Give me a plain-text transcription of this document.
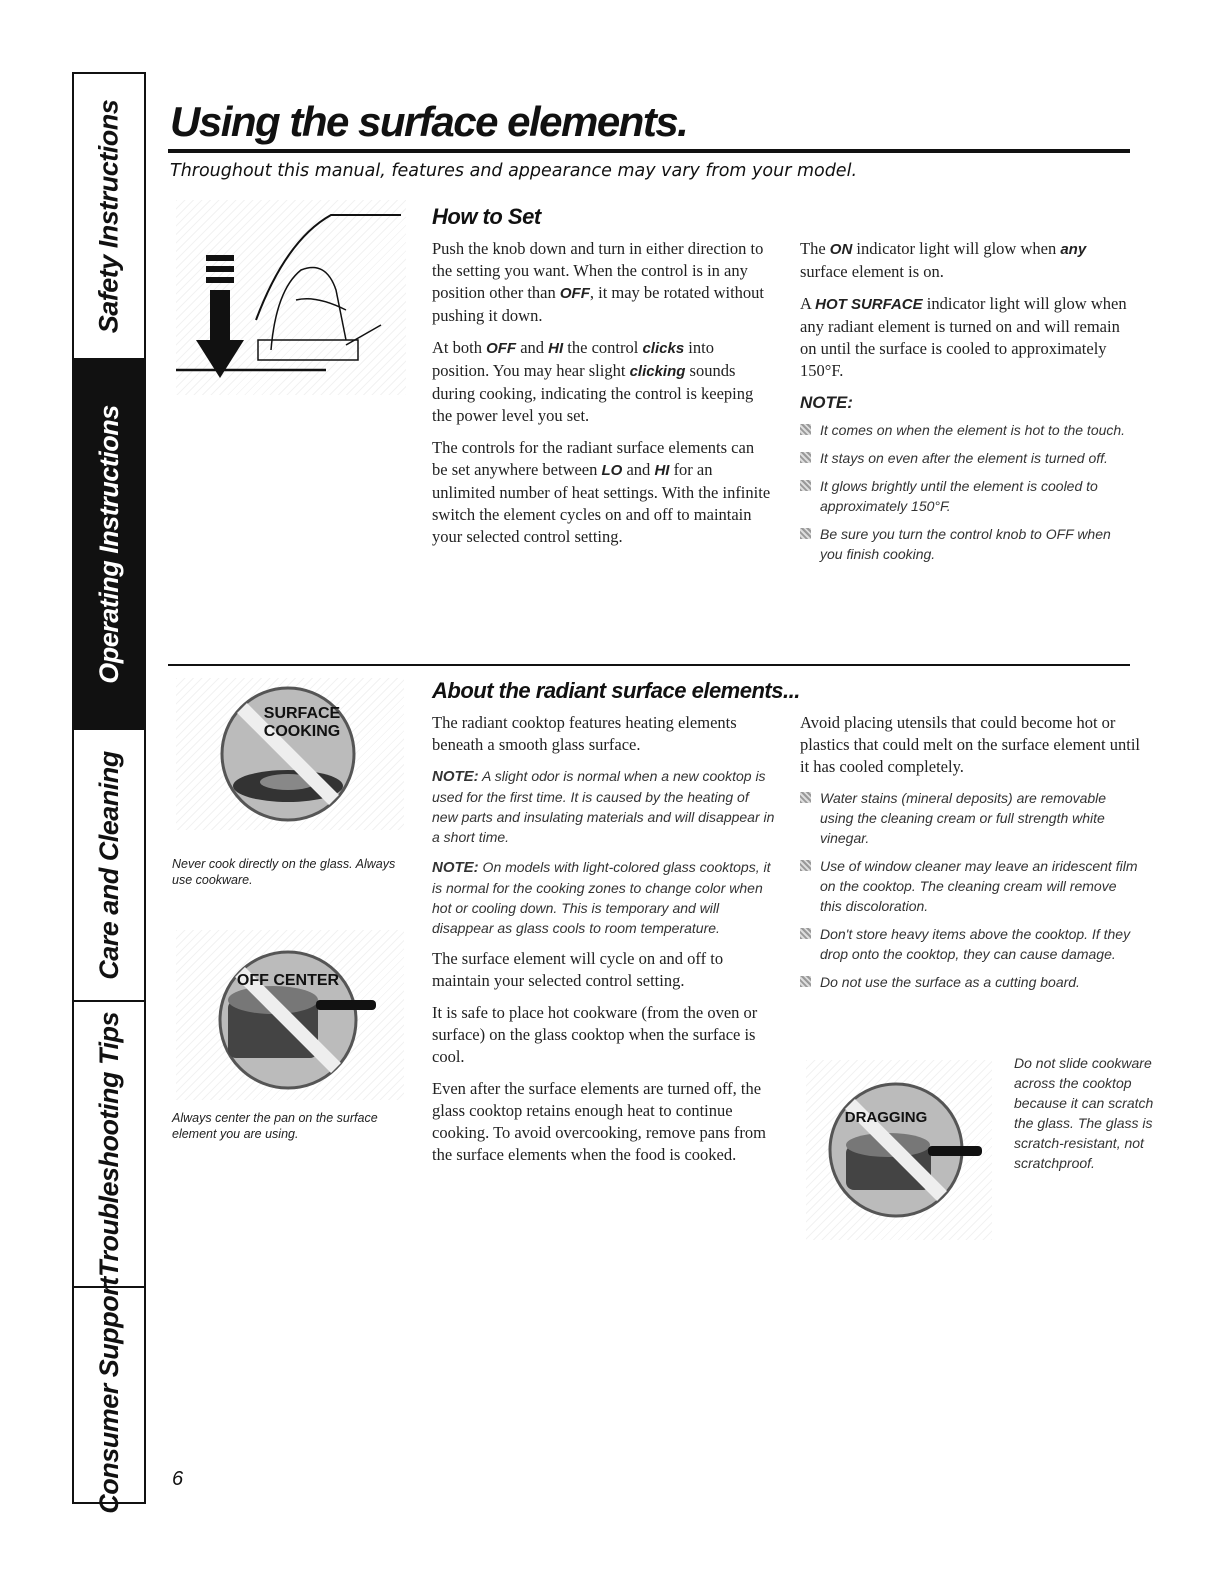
Safety Instructions
Operating Instructions
Care and Cleaning
Troubleshooting Tips
Consumer Support
Using the surface elements.
Throughout this manual, features and appearance may vary from your model.
How to Set

Push the knob down and turn in either direction to the setting you want. When the control is in any position other than OFF, it may be rotated without pushing it down.

At both OFF and HI the control clicks into position. You may hear slight clicking sounds during cooking, indicating the control is keeping the power level you set.

The controls for the radiant surface elements can be set anywhere between LO and HI for an unlimited number of heat settings. With the infinite switch the element cycles on and off to maintain your selected control setting.

The ON indicator light will glow when any surface element is on.

A HOT SURFACE indicator light will glow when any radiant element is turned on and will remain on until the surface is cooled to approximately 150°F.

NOTE:
It comes on when the element is hot to the touch.
It stays on even after the element is turned off.
It glows brightly until the element is cooled to approximately 150°F.
Be sure you turn the control knob to OFF when you finish cooking.
SURFACE
COOKING
Never cook directly on the glass. Always use cookware.
OFF CENTER
Always center the pan on the surface element you are using.
About the radiant surface elements...

The radiant cooktop features heating elements beneath a smooth glass surface.

NOTE: A slight odor is normal when a new cooktop is used for the first time. It is caused by the heating of new parts and insulating materials and will disappear in a short time.

NOTE: On models with light-colored glass cooktops, it is normal for the cooking zones to change color when hot or cooling down. This is temporary and will disappear as glass cools to room temperature.

The surface element will cycle on and off to maintain your selected control setting.

It is safe to place hot cookware (from the oven or surface) on the glass cooktop when the surface is cool.

Even after the surface elements are turned off, the glass cooktop retains enough heat to continue cooking. To avoid overcooking, remove pans from the surface elements when the food is cooked.

Avoid placing utensils that could become hot or plastics that could melt on the surface element until it has cooled completely.

Water stains (mineral deposits) are removable using the cleaning cream or full strength white vinegar.
Use of window cleaner may leave an iridescent film on the cooktop. The cleaning cream will remove this discoloration.
Don't store heavy items above the cooktop. If they drop onto the cooktop, they can cause damage.
Do not use the surface as a cutting board.
DRAGGING
Do not slide cookware across the cooktop because it can scratch the glass. The glass is scratch-resistant, not scratchproof.
6
